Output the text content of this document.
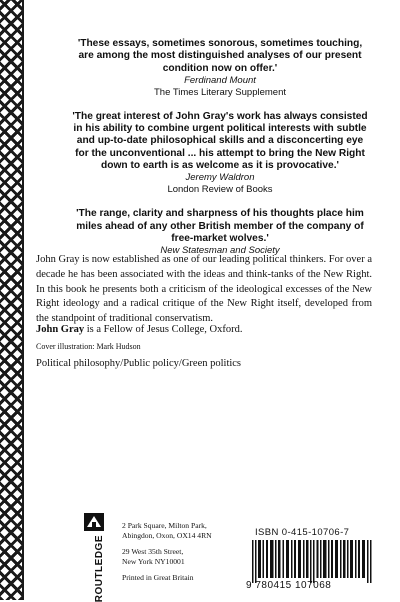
'These essays, sometimes sonorous, sometimes touching, are among the most distinguished analyses of our present condition now on offer.'
Ferdinand Mount
The Times Literary Supplement
'The great interest of John Gray's work has always consisted in his ability to combine urgent political interests with subtle and up-to-date philosophical skills and a disconcerting eye for the unconventional ... his attempt to bring the New Right down to earth is as welcome as it is provocative.'
Jeremy Waldron
London Review of Books
'The range, clarity and sharpness of his thoughts place him miles ahead of any other British member of the company of free-market wolves.'
New Statesman and Society
John Gray is now established as one of our leading political thinkers. For over a decade he has been associated with the ideas and think-tanks of the New Right. In this book he presents both a criticism of the ideological excesses of the New Right ideology and a radical critique of the New Right itself, developed from the standpoint of traditional conservatism.
John Gray is a Fellow of Jesus College, Oxford.
Cover illustration: Mark Hudson
Political philosophy/Public policy/Green politics
ROUTLEDGE
2 Park Square, Milton Park,
Abingdon, Oxon, OX14 4RN
29 West 35th Street,
New York NY10001
Printed in Great Britain
ISBN 0-415-10706-7
9 780415 107068
